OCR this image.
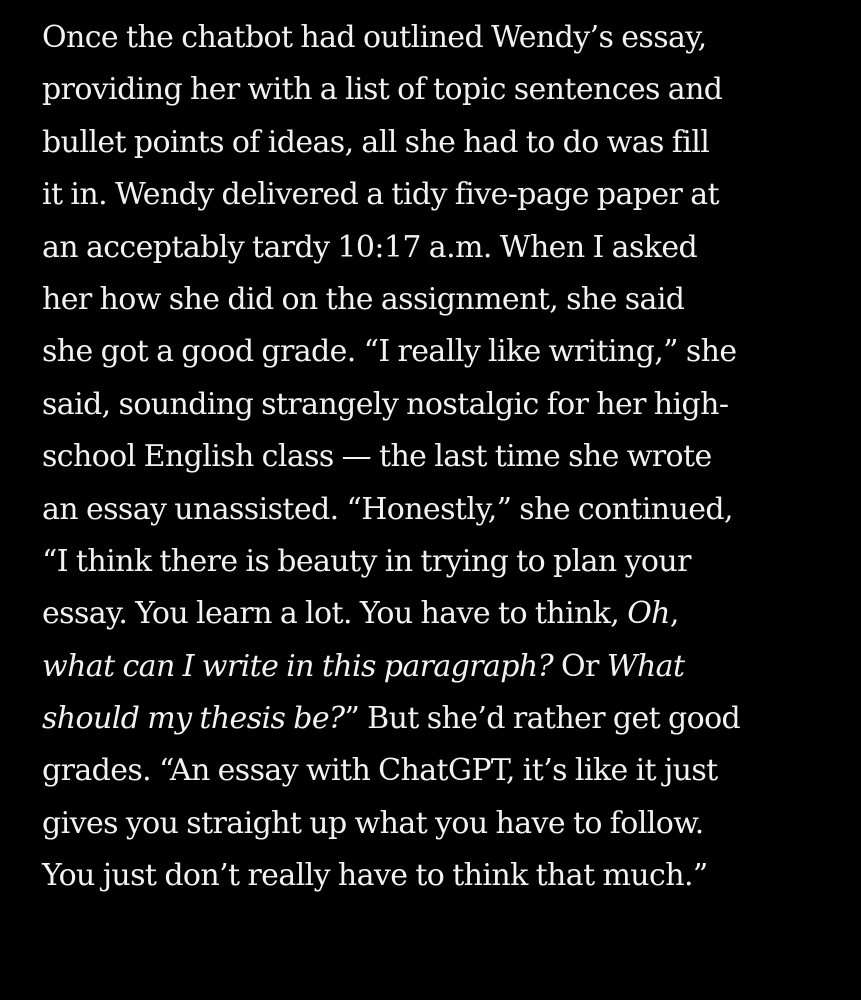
Once the chatbot had outlined Wendy’s essay,
providing her with a list of topic sentences and
bullet points of ideas, all she had to do was fill
it in. Wendy delivered a tidy five-page paper at
an acceptably tardy 10:17 a.m. When I asked
her how she did on the assignment, she said
she got a good grade. “I really like writing,” she
said, sounding strangely nostalgic for her high-
school English class — the last time she wrote
an essay unassisted. “Honestly,” she continued,
“I think there is beauty in trying to plan your
essay. You learn a lot. You have to think, Oh,
what can I write in this paragraph? Or What
should my thesis be?” But she’d rather get good
grades. “An essay with ChatGPT, it’s like it just
gives you straight up what you have to follow.
You just don’t really have to think that much.”
